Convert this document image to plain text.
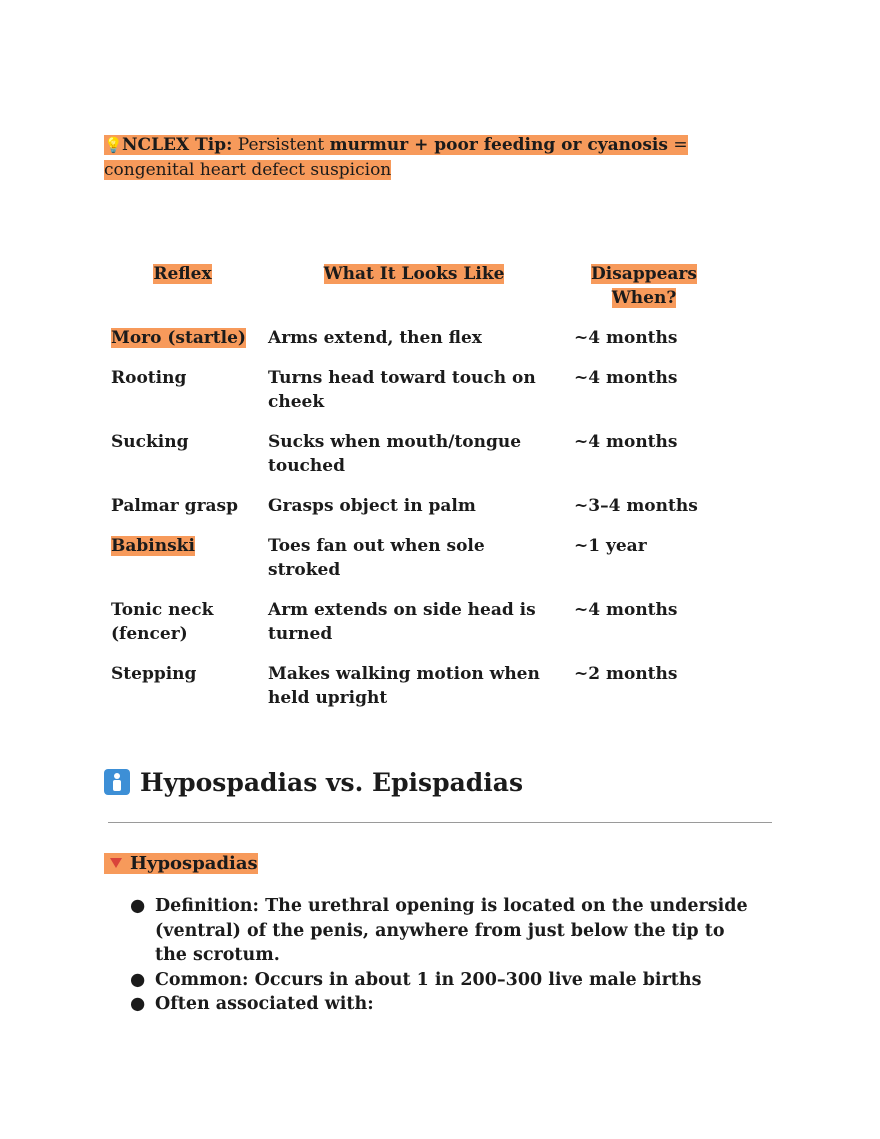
💡NCLEX Tip: Persistent murmur + poor feeding or cyanosis =
congenital heart defect suspicion
Reflex	What It Looks Like	Disappears When?
Moro (startle)	Arms extend, then flex	~4 months
Rooting	Turns head toward touch on cheek	~4 months
Sucking	Sucks when mouth/tongue touched	~4 months
Palmar grasp	Grasps object in palm	~3–4 months
Babinski	Toes fan out when sole stroked	~1 year
Tonic neck (fencer)	Arm extends on side head is turned	~4 months
Stepping	Makes walking motion when held upright	~2 months
Hypospadias vs. Epispadias
Hypospadias
● Definition: The urethral opening is located on the underside (ventral) of the penis, anywhere from just below the tip to the scrotum.
● Common: Occurs in about 1 in 200–300 live male births
● Often associated with:
